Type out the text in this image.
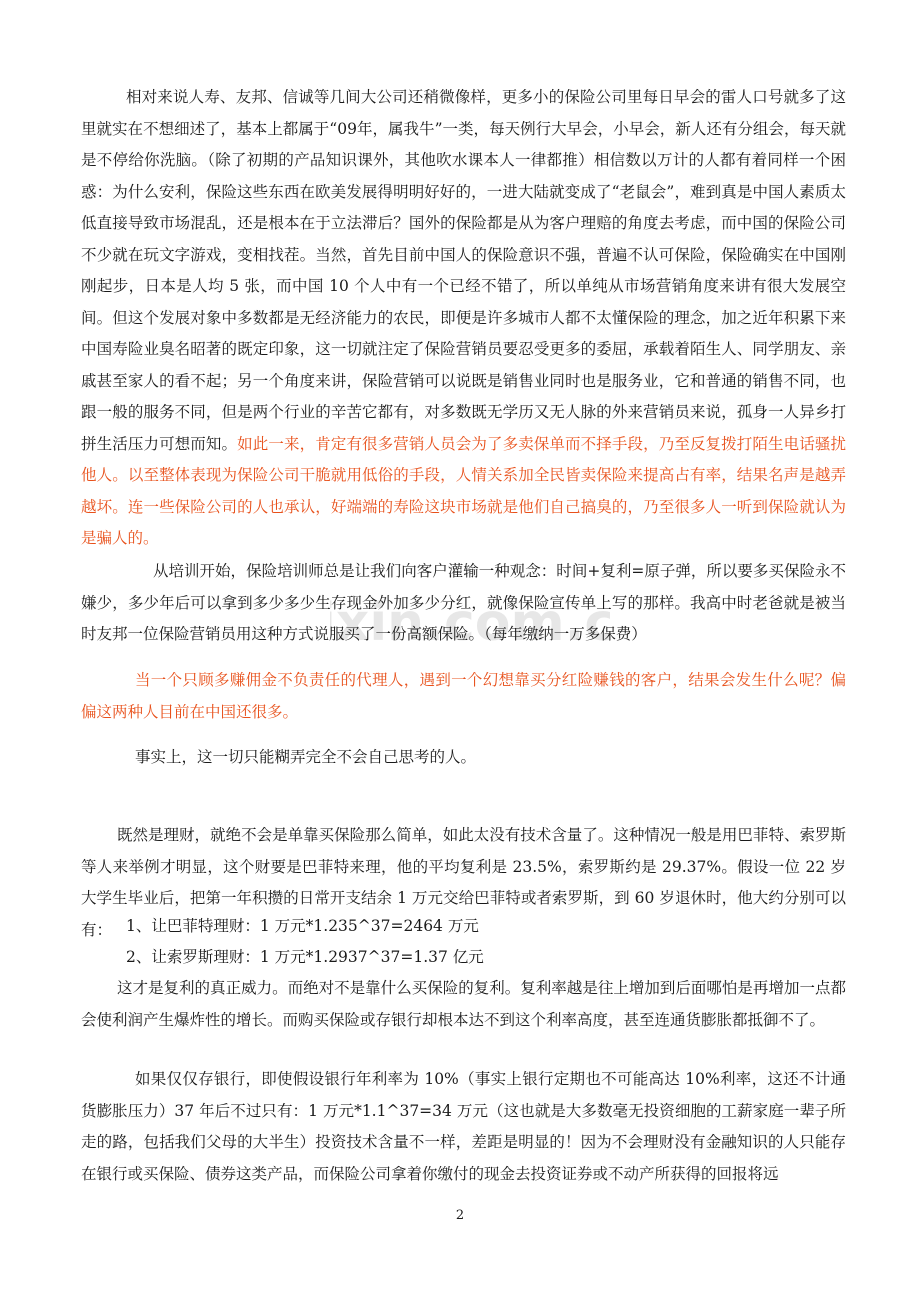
xin.com.c

相对来说人寿、友邦、信诚等几间大公司还稍微像样，更多小的保险公司里每日早会的雷人口号就多了这里就实在不想细述了，基本上都属于“09年，属我牛”一类，每天例行大早会，小早会，新人还有分组会，每天就是不停给你洗脑。（除了初期的产品知识课外，其他吹水课本人一律都推）相信数以万计的人都有着同样一个困惑：为什么安利，保险这些东西在欧美发展得明明好好的，一进大陆就变成了“老鼠会”，难到真是中国人素质太低直接导致市场混乱，还是根本在于立法滞后？国外的保险都是从为客户理赔的角度去考虑，而中国的保险公司不少就在玩文字游戏，变相找茬。当然，首先目前中国人的保险意识不强，普遍不认可保险，保险确实在中国刚刚起步，日本是人均 5 张，而中国 10 个人中有一个已经不错了，所以单纯从市场营销角度来讲有很大发展空间。但这个发展对象中多数都是无经济能力的农民，即便是许多城市人都不太懂保险的理念，加之近年积累下来中国寿险业臭名昭著的既定印象，这一切就注定了保险营销员要忍受更多的委屈，承载着陌生人、同学朋友、亲戚甚至家人的看不起；另一个角度来讲，保险营销可以说既是销售业同时也是服务业，它和普通的销售不同，也跟一般的服务不同，但是两个行业的辛苦它都有，对多数既无学历又无人脉的外来营销员来说，孤身一人异乡打拼生活压力可想而知。如此一来，肯定有很多营销人员会为了多卖保单而不择手段，乃至反复拨打陌生电话骚扰他人。以至整体表现为保险公司干脆就用低俗的手段，人情关系加全民皆卖保险来提高占有率，结果名声是越弄越坏。连一些保险公司的人也承认，好端端的寿险这块市场就是他们自己搞臭的，乃至很多人一听到保险就认为是骗人的。

从培训开始，保险培训师总是让我们向客户灌输一种观念：时间+复利=原子弹，所以要多买保险永不嫌少，多少年后可以拿到多少多少生存现金外加多少分红，就像保险宣传单上写的那样。我高中时老爸就是被当时友邦一位保险营销员用这种方式说服买了一份高额保险。（每年缴纳一万多保费）

当一个只顾多赚佣金不负责任的代理人，遇到一个幻想靠买分红险赚钱的客户，结果会发生什么呢？偏偏这两种人目前在中国还很多。

事实上，这一切只能糊弄完全不会自己思考的人。

既然是理财，就绝不会是单靠买保险那么简单，如此太没有技术含量了。这种情况一般是用巴菲特、索罗斯等人来举例才明显，这个财要是巴菲特来理，他的平均复利是 23.5%，索罗斯约是 29.37%。假设一位 22 岁大学生毕业后，把第一年积攒的日常开支结余 1 万元交给巴菲特或者索罗斯，到 60 岁退休时，他大约分别可以有： 1、让巴菲特理财：1 万元*1.235^37=2464 万元

2、让索罗斯理财：1 万元*1.2937^37=1.37 亿元

这才是复利的真正威力。而绝对不是靠什么买保险的复利。复利率越是往上增加到后面哪怕是再增加一点都会使利润产生爆炸性的增长。而购买保险或存银行却根本达不到这个利率高度，甚至连通货膨胀都抵御不了。

如果仅仅存银行，即使假设银行年利率为 10%（事实上银行定期也不可能高达 10%利率，这还不计通货膨胀压力）37 年后不过只有：1 万元*1.1^37=34 万元（这也就是大多数毫无投资细胞的工薪家庭一辈子所走的路，包括我们父母的大半生）投资技术含量不一样，差距是明显的！因为不会理财没有金融知识的人只能存在银行或买保险、债券这类产品，而保险公司拿着你缴付的现金去投资证券或不动产所获得的回报将远

2
